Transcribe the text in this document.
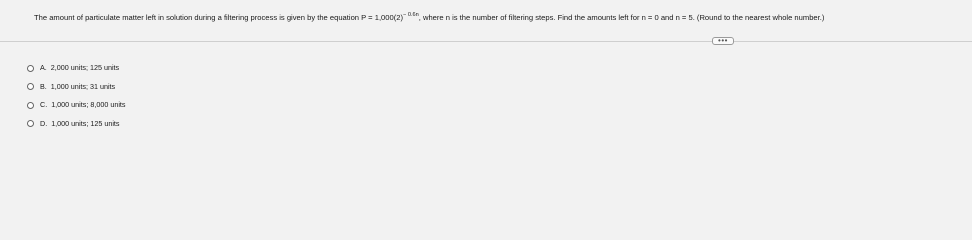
The amount of particulate matter left in solution during a filtering process is given by the equation $P = 1,000(2)^{- 0.6n}$, where n is the number of filtering steps. Find the amounts left for n = 0 and n = 5. (Round to the nearest whole number.)
•••
A. 2,000 units; 125 units
B. 1,000 units; 31 units
C. 1,000 units; 8,000 units
D. 1,000 units; 125 units
